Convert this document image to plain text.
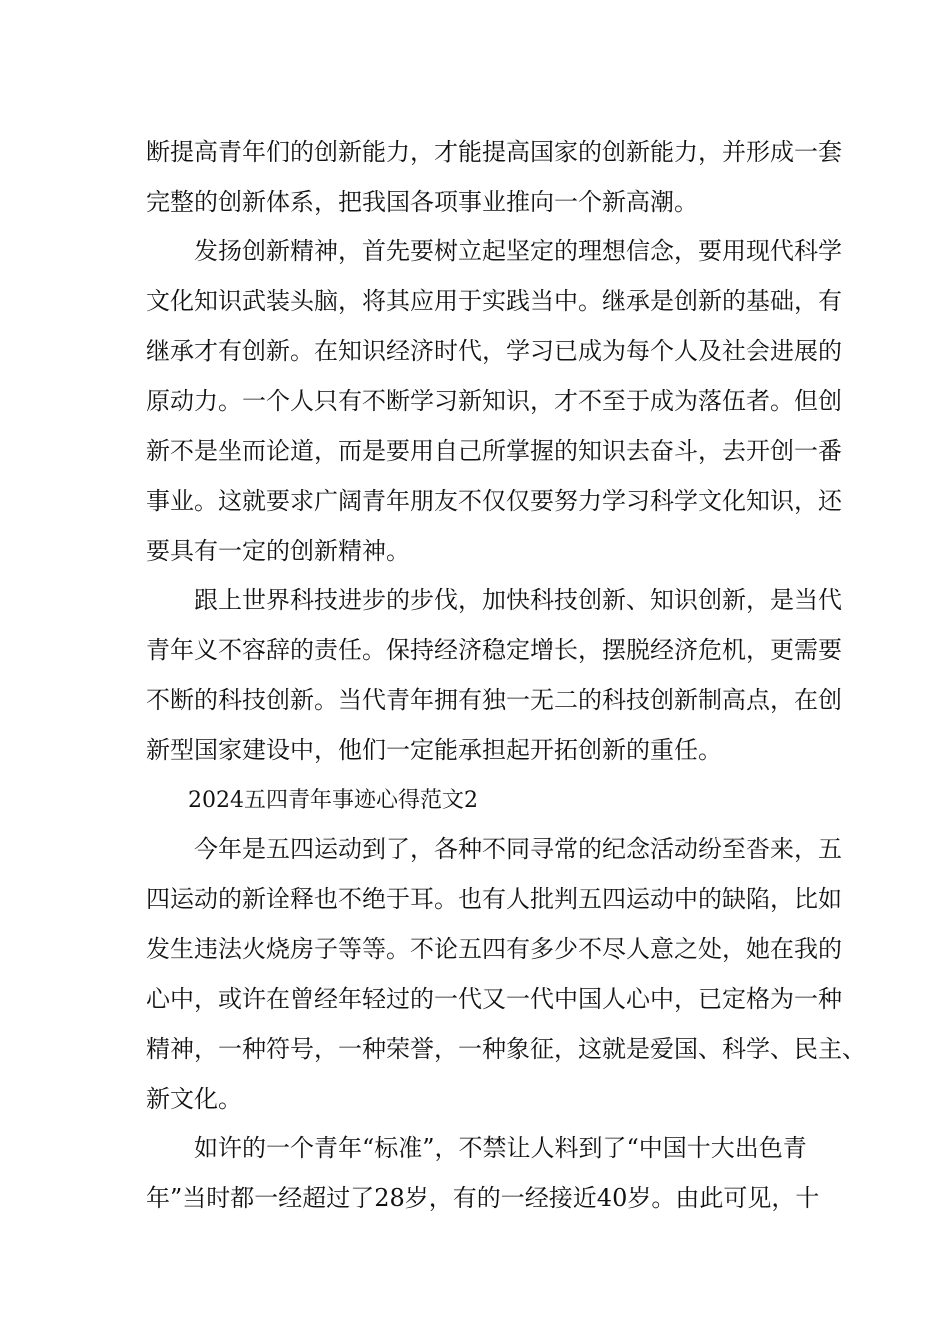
断提高青年们的创新能力，才能提高国家的创新能力，并形成一套

完整的创新体系，把我国各项事业推向一个新高潮。

发扬创新精神，首先要树立起坚定的理想信念，要用现代科学

文化知识武装头脑，将其应用于实践当中。继承是创新的基础，有

继承才有创新。在知识经济时代，学习已成为每个人及社会进展的

原动力。一个人只有不断学习新知识，才不至于成为落伍者。但创

新不是坐而论道，而是要用自己所掌握的知识去奋斗，去开创一番

事业。这就要求广阔青年朋友不仅仅要努力学习科学文化知识，还

要具有一定的创新精神。

跟上世界科技进步的步伐，加快科技创新、知识创新，是当代

青年义不容辞的责任。保持经济稳定增长，摆脱经济危机，更需要

不断的科技创新。当代青年拥有独一无二的科技创新制高点，在创

新型国家建设中，他们一定能承担起开拓创新的重任。

2024五四青年事迹心得范文2

今年是五四运动到了，各种不同寻常的纪念活动纷至沓来，五

四运动的新诠释也不绝于耳。也有人批判五四运动中的缺陷，比如

发生违法火烧房子等等。不论五四有多少不尽人意之处，她在我的

心中，或许在曾经年轻过的一代又一代中国人心中，已定格为一种

精神，一种符号，一种荣誉，一种象征，这就是爱国、科学、民主、

新文化。

如许的一个青年“标准”，不禁让人料到了“中国十大出色青

年”当时都一经超过了28岁，有的一经接近40岁。由此可见，十
